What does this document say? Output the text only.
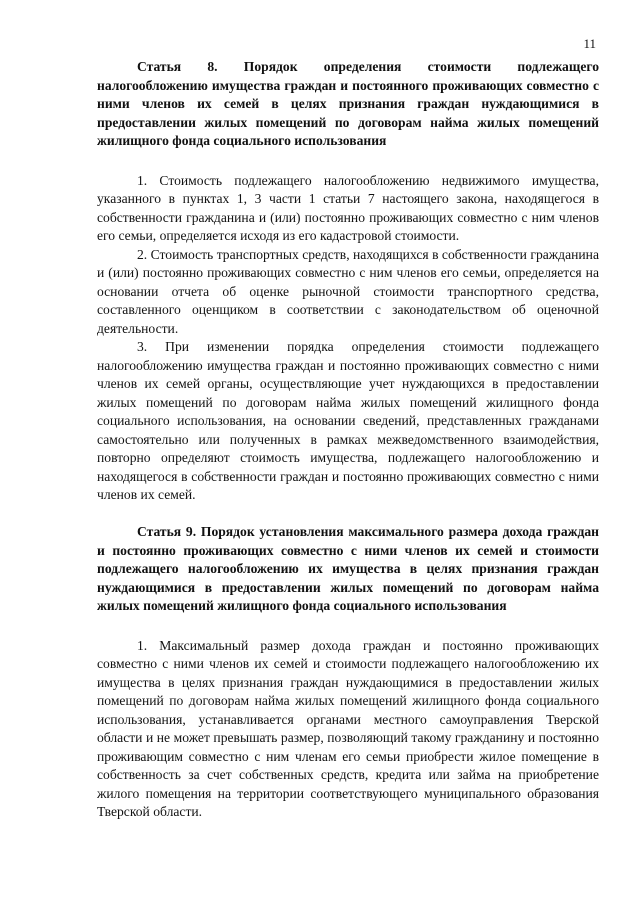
11

Статья 8. Порядок определения стоимости подлежащего налогообложению имущества граждан и постоянного проживающих совместно с ними членов их семей в целях признания граждан нуждающимися в предоставлении жилых помещений по договорам найма жилых помещений жилищного фонда социального использования

1. Стоимость подлежащего налогообложению недвижимого имущества, указанного в пунктах 1, 3 части 1 статьи 7 настоящего закона, находящегося в собственности гражданина и (или) постоянно проживающих совместно с ним членов его семьи, определяется исходя из его кадастровой стоимости.

2. Стоимость транспортных средств, находящихся в собственности гражданина и (или) постоянно проживающих совместно с ним членов его семьи, определяется на основании отчета об оценке рыночной стоимости транспортного средства, составленного оценщиком в соответствии с законодательством об оценочной деятельности.

3. При изменении порядка определения стоимости подлежащего налогообложению имущества граждан и постоянно проживающих совместно с ними членов их семей органы, осуществляющие учет нуждающихся в предоставлении жилых помещений по договорам найма жилых помещений жилищного фонда социального использования, на основании сведений, представленных гражданами самостоятельно или полученных в рамках межведомственного взаимодействия, повторно определяют стоимость имущества, подлежащего налогообложению и находящегося в собственности граждан и постоянно проживающих совместно с ними членов их семей.

Статья 9. Порядок установления максимального размера дохода граждан и постоянно проживающих совместно с ними членов их семей и стоимости подлежащего налогообложению их имущества в целях признания граждан нуждающимися в предоставлении жилых помещений по договорам найма жилых помещений жилищного фонда социального использования

1. Максимальный размер дохода граждан и постоянно проживающих совместно с ними членов их семей и стоимости подлежащего налогообложению их имущества в целях признания граждан нуждающимися в предоставлении жилых помещений по договорам найма жилых помещений жилищного фонда социального использования, устанавливается органами местного самоуправления Тверской области и не может превышать размер, позволяющий такому гражданину и постоянно проживающим совместно с ним членам его семьи приобрести жилое помещение в собственность за счет собственных средств, кредита или займа на приобретение жилого помещения на территории соответствующего муниципального образования Тверской области.
